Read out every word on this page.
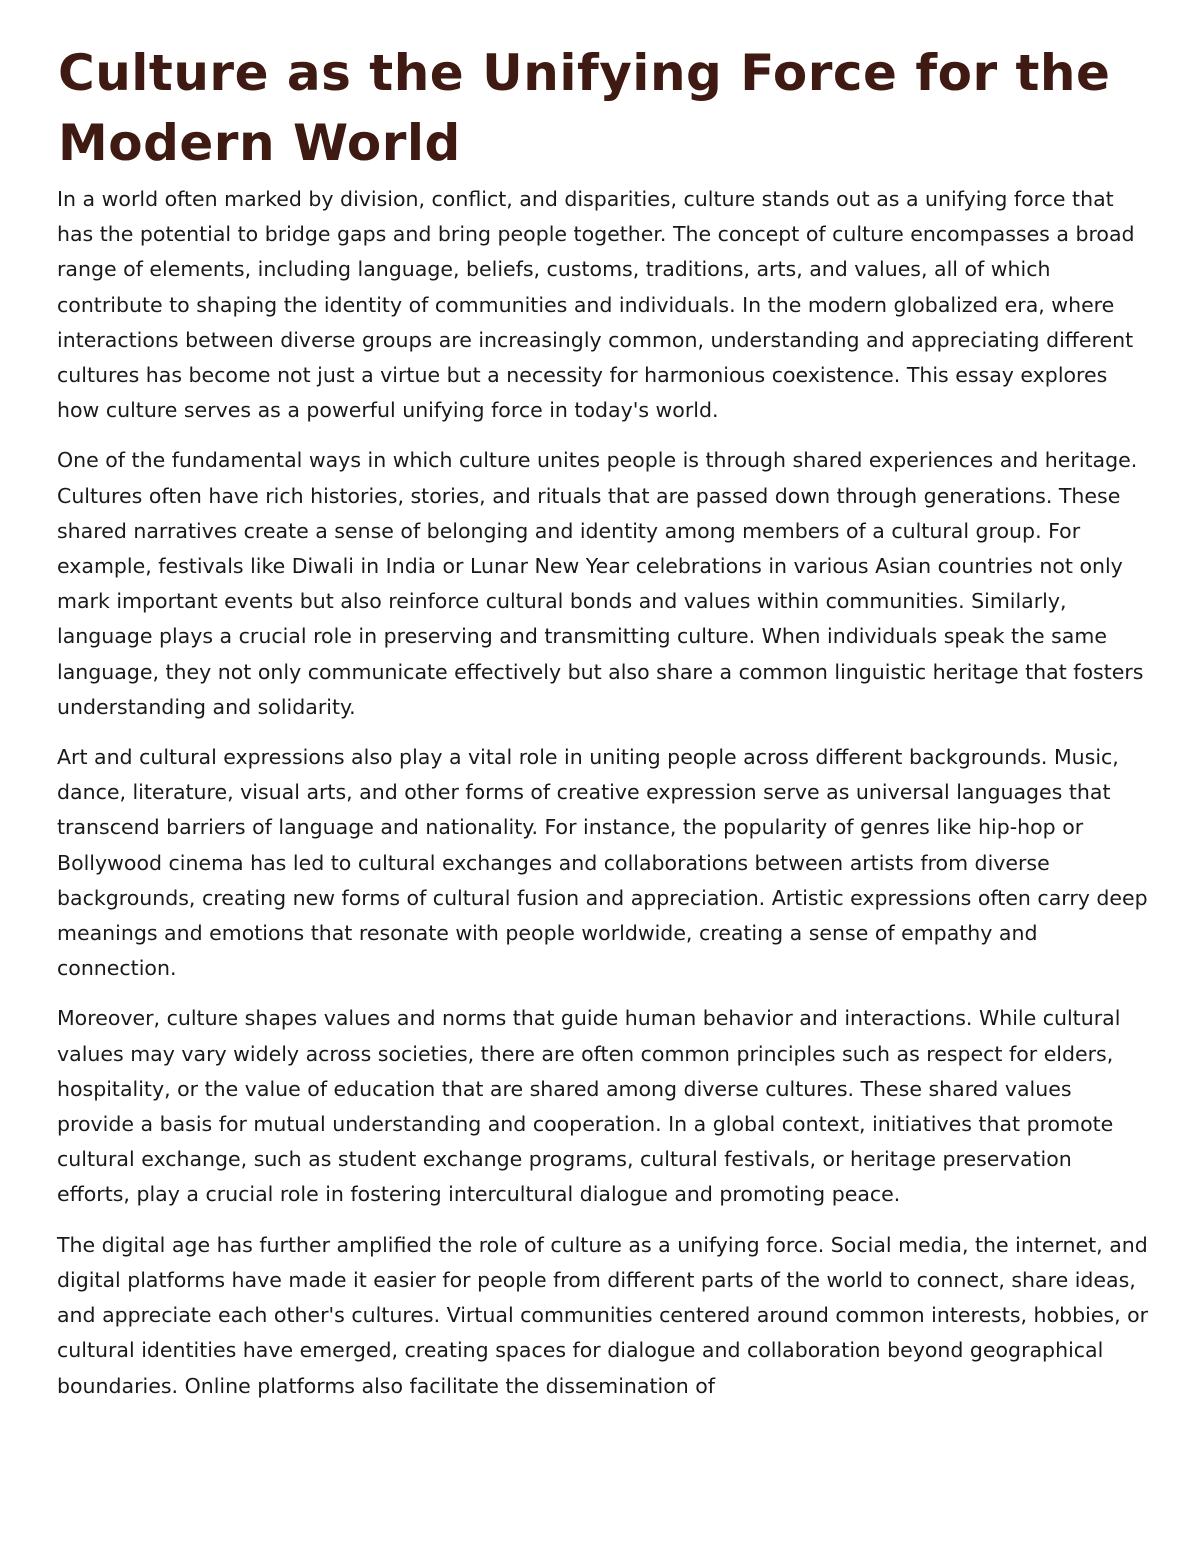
Culture as the Unifying Force for the Modern World

In a world often marked by division, conflict, and disparities, culture stands out as a unifying force that has the potential to bridge gaps and bring people together. The concept of culture encompasses a broad range of elements, including language, beliefs, customs, traditions, arts, and values, all of which contribute to shaping the identity of communities and individuals. In the modern globalized era, where interactions between diverse groups are increasingly common, understanding and appreciating different cultures has become not just a virtue but a necessity for harmonious coexistence. This essay explores how culture serves as a powerful unifying force in today's world.

One of the fundamental ways in which culture unites people is through shared experiences and heritage. Cultures often have rich histories, stories, and rituals that are passed down through generations. These shared narratives create a sense of belonging and identity among members of a cultural group. For example, festivals like Diwali in India or Lunar New Year celebrations in various Asian countries not only mark important events but also reinforce cultural bonds and values within communities. Similarly, language plays a crucial role in preserving and transmitting culture. When individuals speak the same language, they not only communicate effectively but also share a common linguistic heritage that fosters understanding and solidarity.

Art and cultural expressions also play a vital role in uniting people across different backgrounds. Music, dance, literature, visual arts, and other forms of creative expression serve as universal languages that transcend barriers of language and nationality. For instance, the popularity of genres like hip-hop or Bollywood cinema has led to cultural exchanges and collaborations between artists from diverse backgrounds, creating new forms of cultural fusion and appreciation. Artistic expressions often carry deep meanings and emotions that resonate with people worldwide, creating a sense of empathy and connection.

Moreover, culture shapes values and norms that guide human behavior and interactions. While cultural values may vary widely across societies, there are often common principles such as respect for elders, hospitality, or the value of education that are shared among diverse cultures. These shared values provide a basis for mutual understanding and cooperation. In a global context, initiatives that promote cultural exchange, such as student exchange programs, cultural festivals, or heritage preservation efforts, play a crucial role in fostering intercultural dialogue and promoting peace.

The digital age has further amplified the role of culture as a unifying force. Social media, the internet, and digital platforms have made it easier for people from different parts of the world to connect, share ideas, and appreciate each other's cultures. Virtual communities centered around common interests, hobbies, or cultural identities have emerged, creating spaces for dialogue and collaboration beyond geographical boundaries. Online platforms also facilitate the dissemination of
